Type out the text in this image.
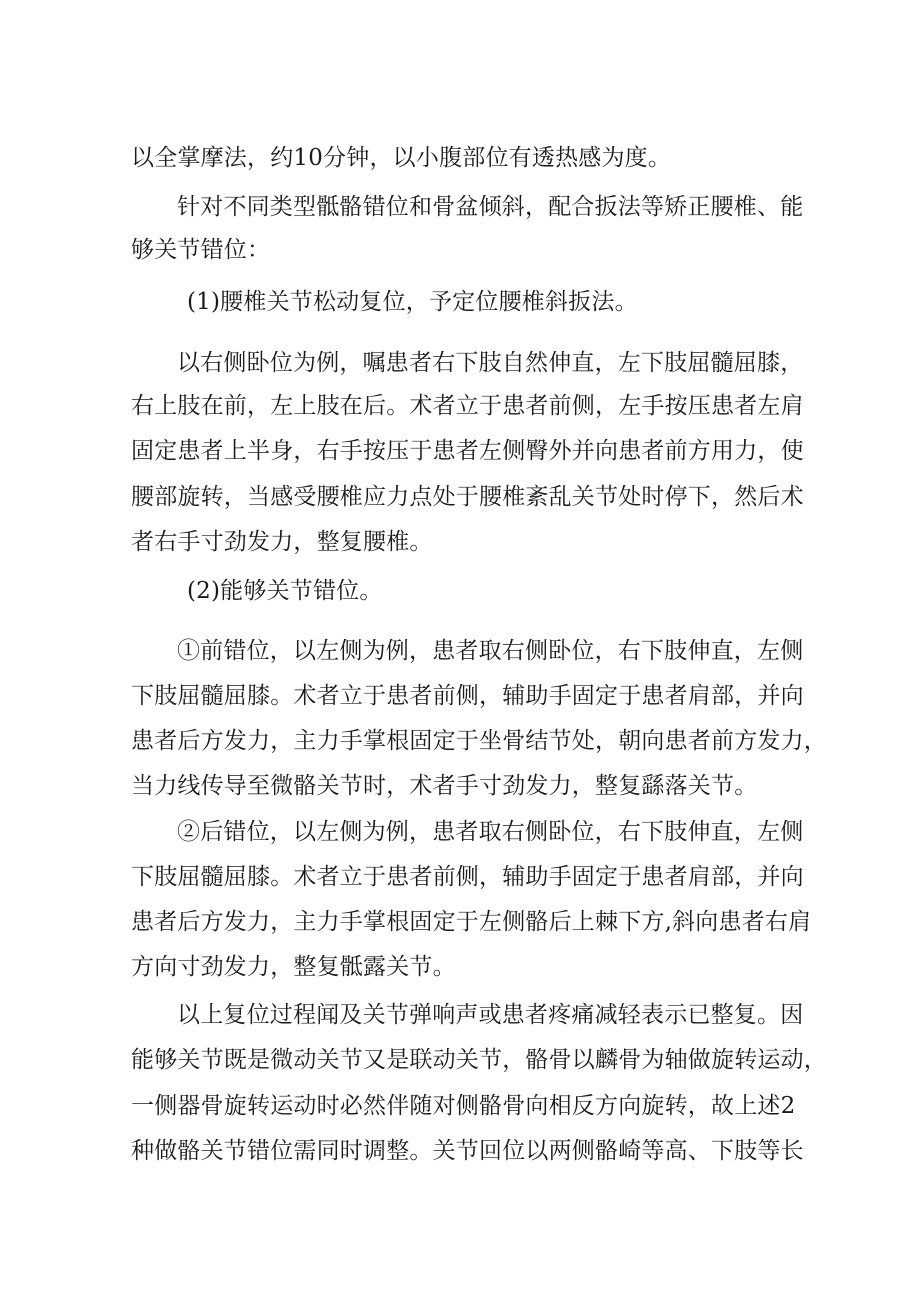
以全掌摩法，约10分钟，以小腹部位有透热感为度。
针对不同类型骶骼错位和骨盆倾斜，配合扳法等矫正腰椎、能
够关节错位：
(1)腰椎关节松动复位，予定位腰椎斜扳法。
以右侧卧位为例，嘱患者右下肢自然伸直，左下肢屈髓屈膝，
右上肢在前，左上肢在后。术者立于患者前侧，左手按压患者左肩
固定患者上半身，右手按压于患者左侧臀外并向患者前方用力，使
腰部旋转，当感受腰椎应力点处于腰椎紊乱关节处时停下，然后术
者右手寸劲发力，整复腰椎。
(2)能够关节错位。
①前错位，以左侧为例，患者取右侧卧位，右下肢伸直，左侧
下肢屈髓屈膝。术者立于患者前侧，辅助手固定于患者肩部，并向
患者后方发力，主力手掌根固定于坐骨结节处，朝向患者前方发力，
当力线传导至微骼关节时，术者手寸劲发力，整复繇落关节。
②后错位，以左侧为例，患者取右侧卧位，右下肢伸直，左侧
下肢屈髓屈膝。术者立于患者前侧，辅助手固定于患者肩部，并向
患者后方发力，主力手掌根固定于左侧骼后上棘下方,斜向患者右肩
方向寸劲发力，整复骶露关节。
以上复位过程闻及关节弹响声或患者疼痛减轻表示已整复。因
能够关节既是微动关节又是联动关节，骼骨以麟骨为轴做旋转运动，
一侧器骨旋转运动时必然伴随对侧骼骨向相反方向旋转，故上述2
种做骼关节错位需同时调整。关节回位以两侧骼崎等高、下肢等长
